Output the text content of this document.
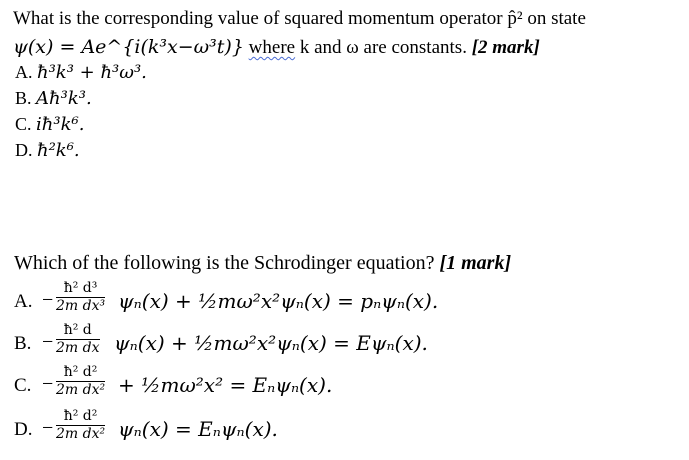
What is the corresponding value of squared momentum operator p̂² on state
ψ(x) = Ae^{i(k³x−ω³t)} where k and ω are constants. [2 mark]
A. ħ³k³ + ħ³ω³.
B. Aħ³k³.
C. iħ³k⁶.
D. ħ²k⁶.
Which of the following is the Schrodinger equation? [1 mark]
A. −
ħ² d³
2m dx³ ψₙ(x) + ½mω²x²ψₙ(x) = pₙψₙ(x).
B. −
ħ² d
2m dx ψₙ(x) + ½mω²x²ψₙ(x) = Eψₙ(x).
C. −
ħ² d²
2m dx² + ½mω²x² = Eₙψₙ(x).
D. −
ħ² d²
2m dx² ψₙ(x) = Eₙψₙ(x).
